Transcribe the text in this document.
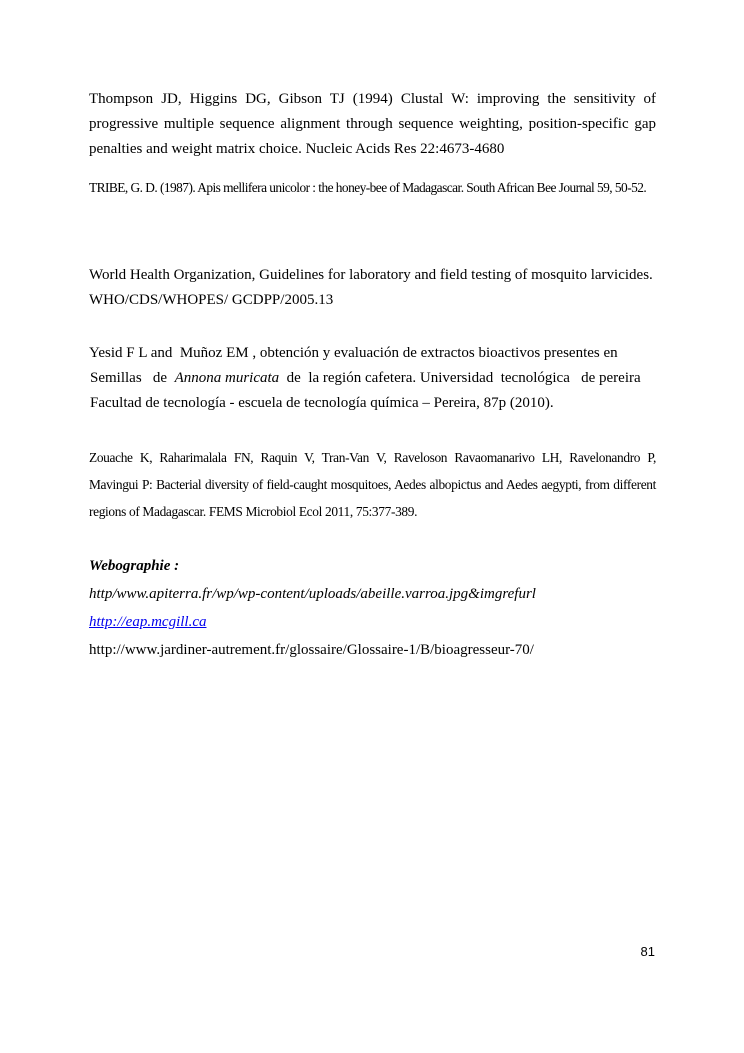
Thompson JD, Higgins DG, Gibson TJ (1994) Clustal W: improving the sensitivity of progressive multiple sequence alignment through sequence weighting, position-specific gap penalties and weight matrix choice. Nucleic Acids Res 22:4673-4680

TRIBE, G. D. (1987). Apis mellifera unicolor : the honey-bee of Madagascar. South African Bee Journal 59, 50-52.

World Health Organization, Guidelines for laboratory and field testing of mosquito larvicides.
WHO/CDS/WHOPES/ GCDPP/2005.13
Yesid F L and  Muñoz EM , obtención y evaluación de extractos bioactivos presentes en
Semillas   de  Annona muricata  de  la región cafetera. Universidad  tecnológica   de pereira
Facultad de tecnología - escuela de tecnología química – Pereira, 87p (2010).

Zouache K, Raharimalala FN, Raquin V, Tran-Van V, Raveloson Ravaomanarivo LH, Ravelonandro P, Mavingui P: Bacterial diversity of field-caught mosquitoes, Aedes albopictus and Aedes aegypti, from different regions of Madagascar. FEMS Microbiol Ecol 2011, 75:377-389.

Webographie :
http/www.apiterra.fr/wp/wp-content/uploads/abeille.varroa.jpg&imgrefurl
http://eap.mcgill.ca
http://www.jardiner-autrement.fr/glossaire/Glossaire-1/B/bioagresseur-70/
81
